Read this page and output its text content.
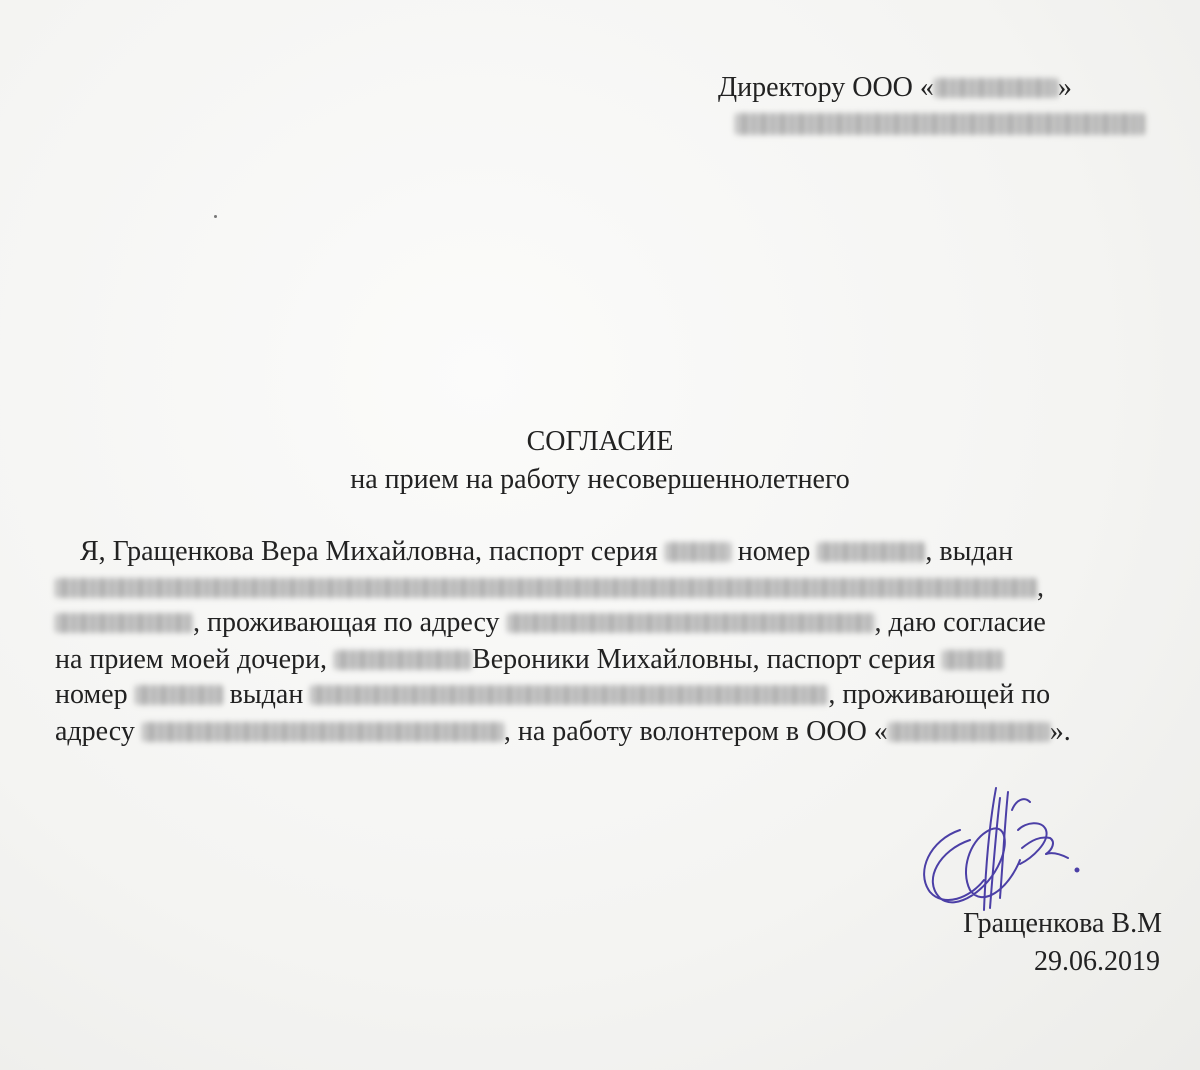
Директору ООО «	»
СОГЛАСИЕ
на прием на работу несовершеннолетнего
Я, Гращенкова Вера Михайловна, паспорт серия	номер	, выдан
,
, проживающая по адресу	, даю согласие
на прием моей дочери,	Вероники Михайловны, паспорт серия
номер	выдан	, проживающей по
адресу	, на работу волонтером в ООО «	».
Гращенкова В.М
29.06.2019
